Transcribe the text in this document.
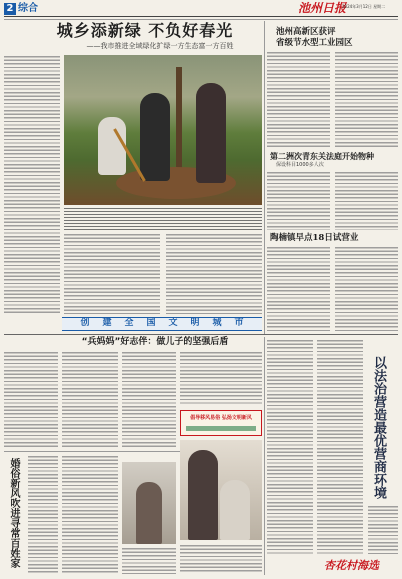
2 综合	池州日报
2024年3月12日 星期二
城乡添新绿 不负好春光
——我市推进全域绿化扩绿一方生态富一方百姓
池州高新区获评
省级节水型工业园区
第二洲次青东关法庭开始物种
保设科目1000多人次
陶楠镇早点18日试营业
创建全国文明城市
“兵妈妈”好志伴：做儿子的坚强后盾
倡导移风易俗 弘扬文明新风
婚俗新风吹进寻常百姓家
以法治营造最优营商环境
杏花村海选
